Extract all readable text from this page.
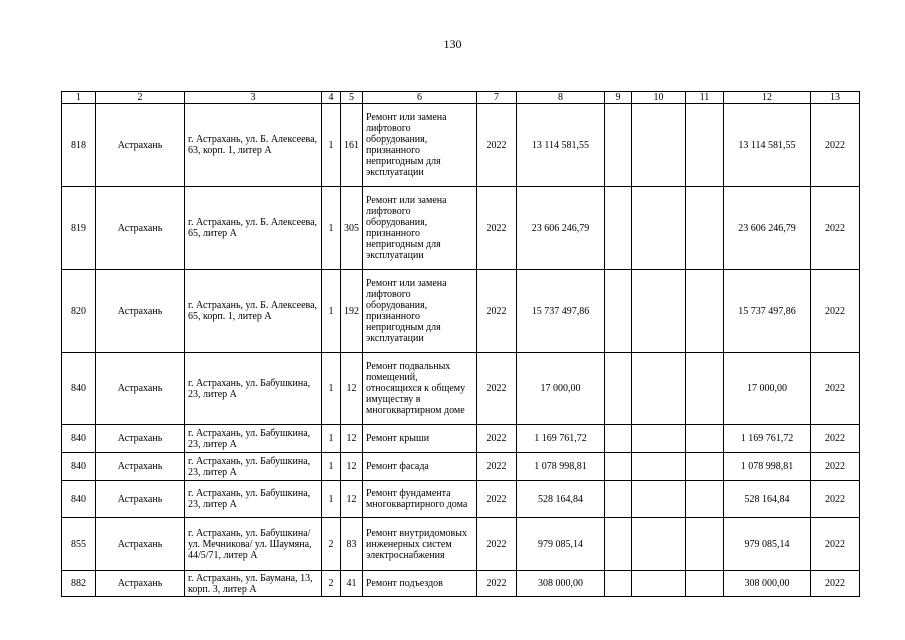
130
1	2	3	4	5	6	7	8	9	10	11	12	13
818	Астрахань	г. Астрахань, ул. Б. Алексеева, 63, корп. 1, литер А	1	161	Ремонт или замена лифтового оборудования, признанного непригодным для эксплуатации	2022	13 114 581,55				13 114 581,55	2022
819	Астрахань	г. Астрахань, ул. Б. Алексеева, 65, литер А	1	305	Ремонт или замена лифтового оборудования, признанного непригодным для эксплуатации	2022	23 606 246,79				23 606 246,79	2022
820	Астрахань	г. Астрахань, ул. Б. Алексеева, 65, корп. 1, литер А	1	192	Ремонт или замена лифтового оборудования, признанного непригодным для эксплуатации	2022	15 737 497,86				15 737 497,86	2022
840	Астрахань	г. Астрахань, ул. Бабушкина, 23, литер А	1	12	Ремонт подвальных помещений, относящихся к общему имуществу в многоквартирном доме	2022	17 000,00				17 000,00	2022
840	Астрахань	г. Астрахань, ул. Бабушкина, 23, литер А	1	12	Ремонт крыши	2022	1 169 761,72				1 169 761,72	2022
840	Астрахань	г. Астрахань, ул. Бабушкина, 23, литер А	1	12	Ремонт фасада	2022	1 078 998,81				1 078 998,81	2022
840	Астрахань	г. Астрахань, ул. Бабушкина, 23, литер А	1	12	Ремонт фундамента многоквартирного дома	2022	528 164,84				528 164,84	2022
855	Астрахань	г. Астрахань, ул. Бабушкина/ ул. Мечникова/ ул. Шаумяна, 44/5/71, литер А	2	83	Ремонт внутридомовых инженерных систем электроснабжения	2022	979 085,14				979 085,14	2022
882	Астрахань	г. Астрахань, ул. Бауманa, 13, корп. 3, литер А	2	41	Ремонт подъездов	2022	308 000,00				308 000,00	2022
